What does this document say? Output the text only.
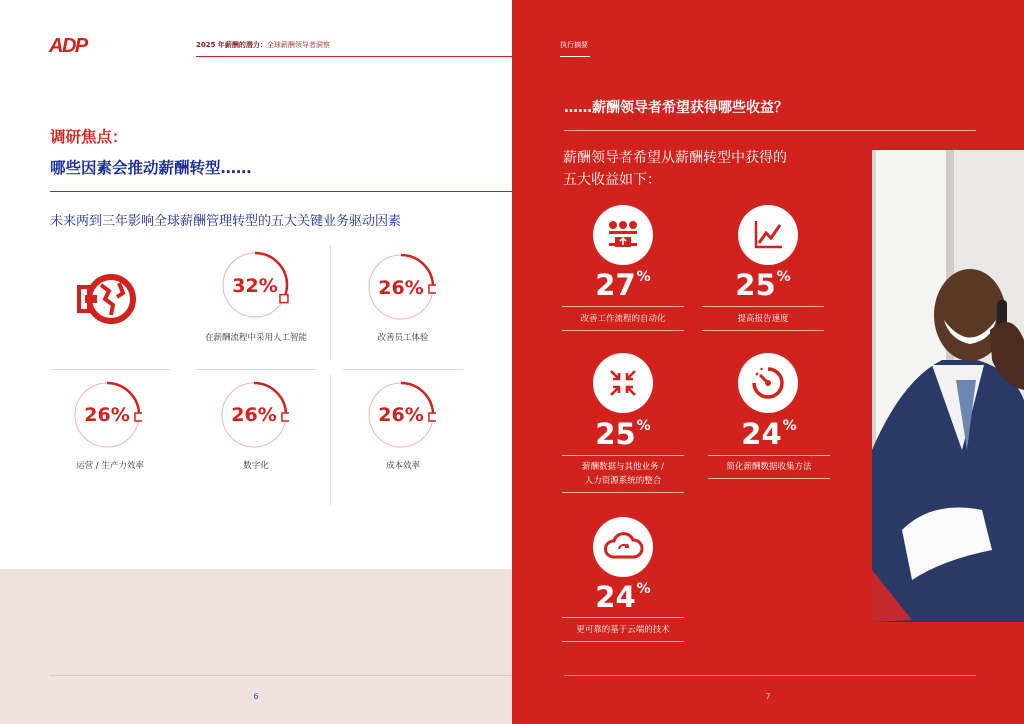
ADP	2025 年薪酬的潜力：全球薪酬领导者洞察
调研焦点：
哪些因素会推动薪酬转型……
未来两到三年影响全球薪酬管理转型的五大关键业务驱动因素
32%
在薪酬流程中采用人工智能
26%
改善员工体验
26%
运营 / 生产力效率
26%
数字化
26%
成本效率
6
执行摘要
……薪酬领导者希望获得哪些收益？
薪酬领导者希望从薪酬转型中获得的
五大收益如下：
27%
改善工作流程的自动化
25%
提高报告速度
25%
薪酬数据与其他业务 /
人力资源系统的整合
24%
简化薪酬数据收集方法
24%
更可靠的基于云端的技术
7
